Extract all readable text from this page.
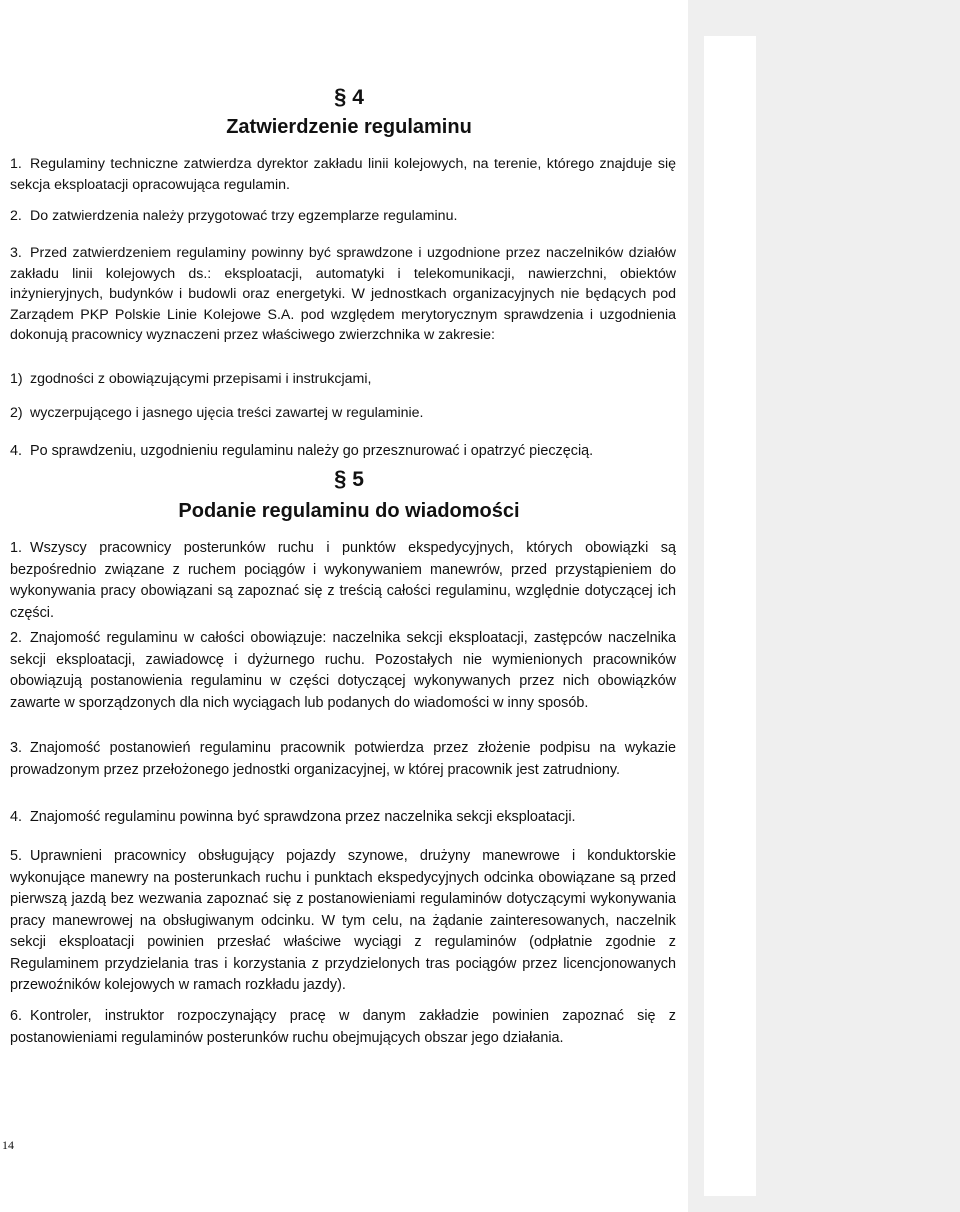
§ 4
Zatwierdzenie regulaminu

1. Regulaminy techniczne zatwierdza dyrektor zakładu linii kolejowych, na terenie, którego znajduje się sekcja eksploatacji opracowująca regulamin.

2. Do zatwierdzenia należy przygotować trzy egzemplarze regulaminu.

3. Przed zatwierdzeniem regulaminy powinny być sprawdzone i uzgodnione przez naczelników działów zakładu linii kolejowych ds.: eksploatacji, automatyki i telekomunikacji, nawierzchni, obiektów inżynieryjnych, budynków i budowli oraz energetyki. W jednostkach organizacyjnych nie będących pod Zarządem PKP Polskie Linie Kolejowe S.A. pod względem merytorycznym sprawdzenia i uzgodnienia dokonują pracownicy wyznaczeni przez właściwego zwierzchnika w zakresie:

1) zgodności z obowiązującymi przepisami i instrukcjami,

2) wyczerpującego i jasnego ujęcia treści zawartej w regulaminie.

4. Po sprawdzeniu, uzgodnieniu regulaminu należy go przesznurować i opatrzyć pieczęcią.

§ 5
Podanie regulaminu do wiadomości

1. Wszyscy pracownicy posterunków ruchu i punktów ekspedycyjnych, których obowiązki są bezpośrednio związane z ruchem pociągów i wykonywaniem manewrów, przed przystąpieniem do wykonywania pracy obowiązani są zapoznać się z treścią całości regulaminu, względnie dotyczącej ich części.

2. Znajomość regulaminu w całości obowiązuje: naczelnika sekcji eksploatacji, zastępców naczelnika sekcji eksploatacji, zawiadowcę i dyżurnego ruchu. Pozostałych nie wymienionych pracowników obowiązują postanowienia regulaminu w części dotyczącej wykonywanych przez nich obowiązków zawarte w sporządzonych dla nich wyciągach lub podanych do wiadomości w inny sposób.

3. Znajomość postanowień regulaminu pracownik potwierdza przez złożenie podpisu na wykazie prowadzonym przez przełożonego jednostki organizacyjnej, w której pracownik jest zatrudniony.

4. Znajomość regulaminu powinna być sprawdzona przez naczelnika sekcji eksploatacji.

5. Uprawnieni pracownicy obsługujący pojazdy szynowe, drużyny manewrowe i konduktorskie wykonujące manewry na posterunkach ruchu i punktach ekspedycyjnych odcinka obowiązane są przed pierwszą jazdą bez wezwania zapoznać się z postanowieniami regulaminów dotyczącymi wykonywania pracy manewrowej na obsługiwanym odcinku. W tym celu, na żądanie zainteresowanych, naczelnik sekcji eksploatacji powinien przesłać właściwe wyciągi z regulaminów (odpłatnie zgodnie z Regulaminem przydzielania tras i korzystania z przydzielonych tras pociągów przez licencjonowanych przewoźników kolejowych w ramach rozkładu jazdy).

6. Kontroler, instruktor rozpoczynający pracę w danym zakładzie powinien zapoznać się z postanowieniami regulaminów posterunków ruchu obejmujących obszar jego działania.

14
